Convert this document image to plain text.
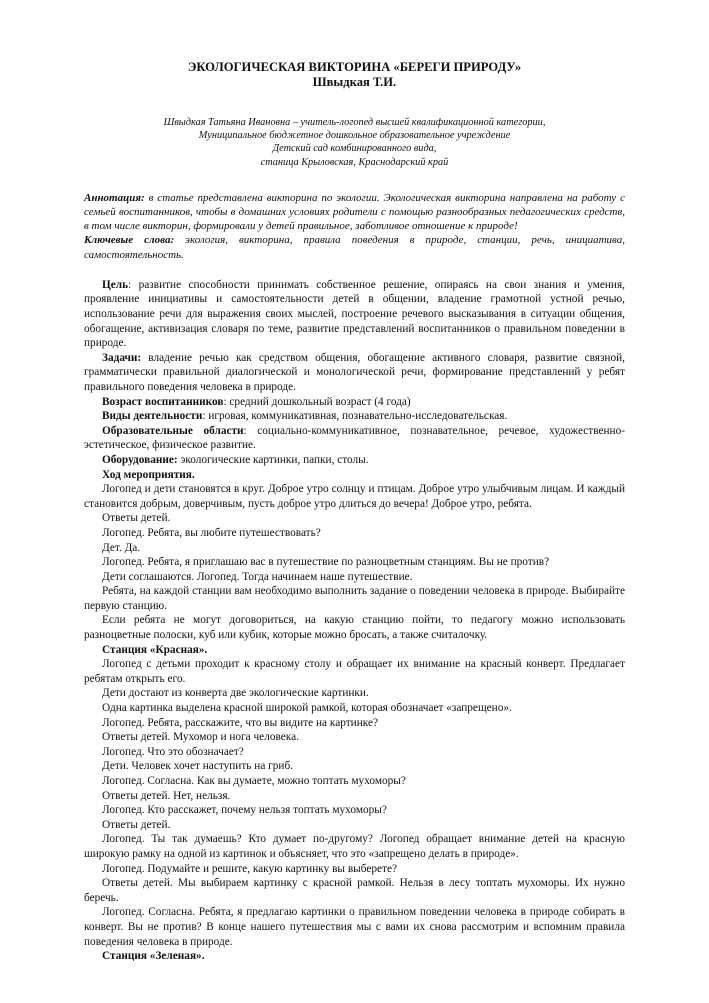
ЭКОЛОГИЧЕСКАЯ ВИКТОРИНА «БЕРЕГИ ПРИРОДУ»

Швыдкая Т.И.

Швыдкая Татьяна Ивановна – учитель-логопед высшей квалификационной категории,
Муниципальное бюджетное дошкольное образовательное учреждение
Детский сад комбинированного вида,
станица Крыловская, Краснодарский край

Аннотация: в статье представлена викторина по экологии. Экологическая викторина направлена на работу с семьей воспитанников, чтобы в домашних условиях родители с помощью разнообразных педагогических средств, в том числе викторин, формировали у детей правильное, заботливое отношение к природе!

Ключевые слова: экология, викторина, правила поведения в природе, станции, речь, инициатива, самостоятельность.

Цель: развитие способности принимать собственное решение, опираясь на свои знания и умения, проявление инициативы и самостоятельности детей в общении, владение грамотной устной речью, использование речи для выражения своих мыслей, построение речевого высказывания в ситуации общения, обогащение, активизация словаря по теме, развитие представлений воспитанников о правильном поведении в природе.

Задачи: владение речью как средством общения, обогащение активного словаря, развитие связной, грамматически правильной диалогической и монологической речи, формирование представлений у ребят правильного поведения человека в природе.

Возраст воспитанников: средний дошкольный возраст (4 года)

Виды деятельности: игровая, коммуникативная, познавательно-исследовательская.

Образовательные области: социально-коммуникативное, познавательное, речевое, художественно-эстетическое, физическое развитие.

Оборудование: экологические картинки, папки, столы.

Ход мероприятия.

Логопед и дети становятся в круг. Доброе утро солнцу и птицам. Доброе утро улыбчивым лицам. И каждый становится добрым, доверчивым, пусть доброе утро длиться до вечера! Доброе утро, ребята.

Ответы детей.

Логопед. Ребята, вы любите путешествовать?

Дет. Да.

Логопед. Ребята, я приглашаю вас в путешествие по разноцветным станциям. Вы не против?

Дети соглашаются. Логопед. Тогда начинаем наше путешествие.

Ребята, на каждой станции вам необходимо выполнить задание о поведении человека в природе. Выбирайте первую станцию.

Если ребята не могут договориться, на какую станцию пойти, то педагогу можно использовать разноцветные полоски, куб или кубик, которые можно бросать, а также считалочку.

Станция «Красная».

Логопед с детьми проходит к красному столу и обращает их внимание на красный конверт. Предлагает ребятам открыть его.

Дети достают из конверта две экологические картинки.

Одна картинка выделена красной широкой рамкой, которая обозначает «запрещено».

Логопед. Ребята, расскажите, что вы видите на картинке?

Ответы детей. Мухомор и нога человека.

Логопед. Что это обозначает?

Дети. Человек хочет наступить на гриб.

Логопед. Согласна. Как вы думаете, можно топтать мухоморы?

Ответы детей. Нет, нельзя.

Логопед. Кто расскажет, почему нельзя топтать мухоморы?

Ответы детей.

Логопед. Ты так думаешь? Кто думает по-другому? Логопед обращает внимание детей на красную широкую рамку на одной из картинок и объясняет, что это «запрещено делать в природе».

Логопед. Подумайте и решите, какую картинку вы выберете?

Ответы детей. Мы выбираем картинку с красной рамкой. Нельзя в лесу топтать мухоморы. Их нужно беречь.

Логопед. Согласна. Ребята, я предлагаю картинки о правильном поведении человека в природе собирать в конверт. Вы не против? В конце нашего путешествия мы с вами их снова рассмотрим и вспомним правила поведения человека в природе.

Станция «Зеленая».
